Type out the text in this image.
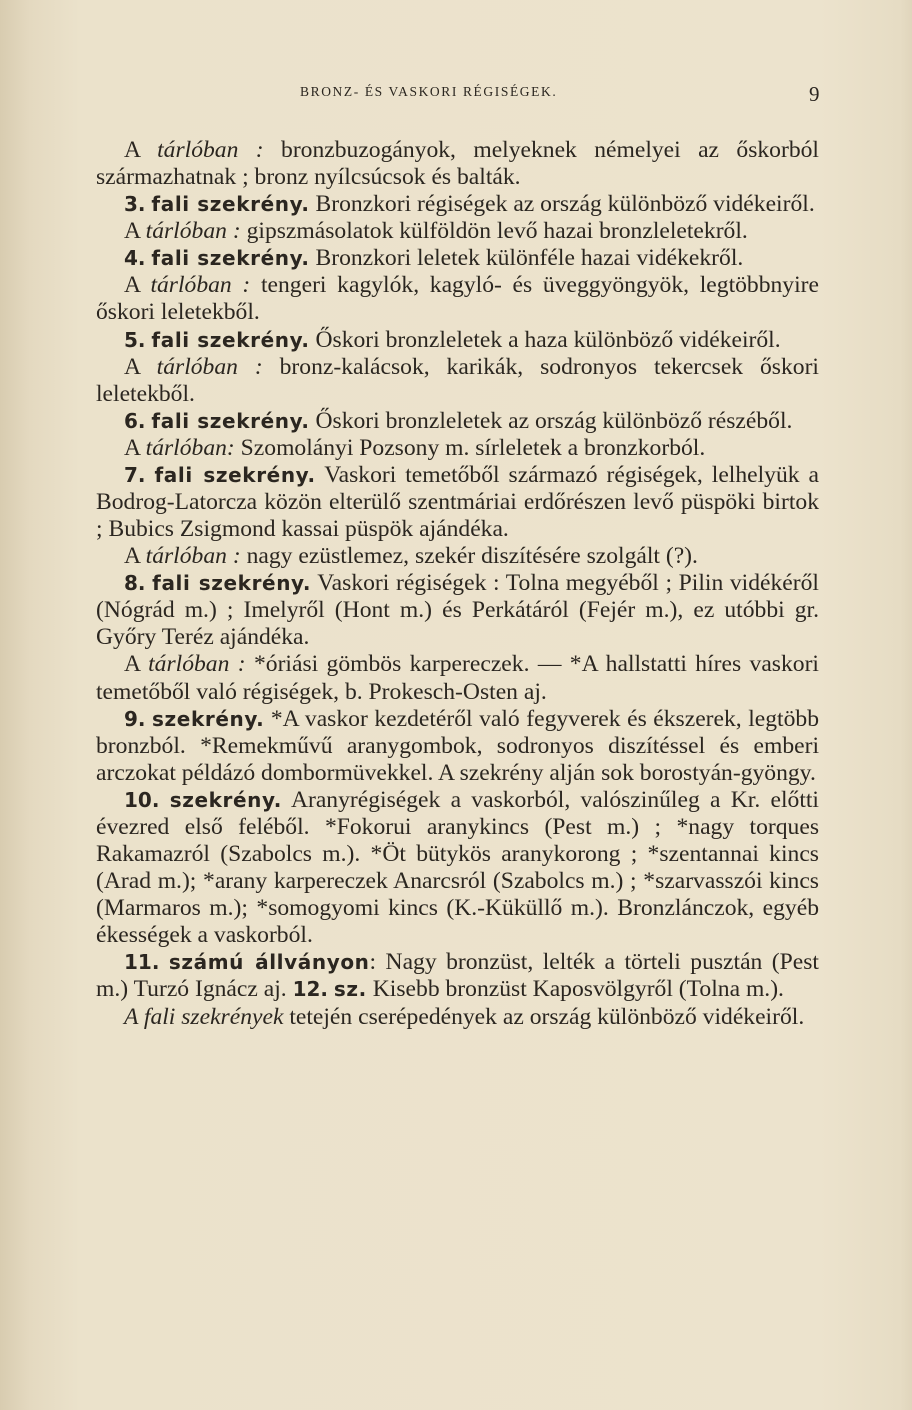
BRONZ- ÉS VASKORI RÉGISÉGEK.	9

A tárlóban : bronzbuzogányok, melyeknek némelyei az őskorból származhatnak ; bronz nyílcsúcsok és balták.

3. fali szekrény. Bronzkori régiségek az ország különböző vidékeiről.

A tárlóban : gipszmásolatok külföldön levő hazai bronzleletekről.

4. fali szekrény. Bronzkori leletek különféle hazai vidékekről.

A tárlóban : tengeri kagylók, kagyló- és üveggyöngyök, legtöbbnyire őskori leletekből.

5. fali szekrény. Őskori bronzleletek a haza különböző vidékeiről.

A tárlóban : bronz-kalácsok, karikák, sodronyos tekercsek őskori leletekből.

6. fali szekrény. Őskori bronzleletek az ország különböző részéből.

A tárlóban: Szomolányi Pozsony m. sírleletek a bronzkorból.

7. fali szekrény. Vaskori temetőből származó régiségek, lelhelyük a Bodrog-Latorcza közön elterülő szentmáriai erdőrészen levő püspöki birtok ; Bubics Zsigmond kassai püspök ajándéka.

A tárlóban : nagy ezüstlemez, szekér diszítésére szolgált (?).

8. fali szekrény. Vaskori régiségek : Tolna megyéből ; Pilin vidékéről (Nógrád m.) ; Imelyről (Hont m.) és Perkátáról (Fejér m.), ez utóbbi gr. Győry Teréz ajándéka.

A tárlóban : *óriási gömbös karpereczek. — *A hallstatti híres vaskori temetőből való régiségek, b. Prokesch-Osten aj.

9. szekrény. *A vaskor kezdetéről való fegyverek és ékszerek, legtöbb bronzból. *Remekművű aranygombok, sodronyos diszítéssel és emberi arczokat példázó dombormüvekkel. A szekrény alján sok borostyán-gyöngy.

10. szekrény. Aranyrégiségek a vaskorból, valószinűleg a Kr. előtti évezred első feléből. *Fokorui aranykincs (Pest m.) ; *nagy torques Rakamazról (Szabolcs m.). *Öt bütykös aranykorong ; *szentannai kincs (Arad m.); *arany karpereczek Anarcsról (Szabolcs m.) ; *szarvasszói kincs (Marmaros m.); *somogyomi kincs (K.-Küküllő m.). Bronzlánczok, egyéb ékességek a vaskorból.

11. számú állványon: Nagy bronzüst, lelték a törteli pusztán (Pest m.) Turzó Ignácz aj. 12. sz. Kisebb bronzüst Kaposvölgyről (Tolna m.).

A fali szekrények tetején cserépedények az ország különböző vidékeiről.
